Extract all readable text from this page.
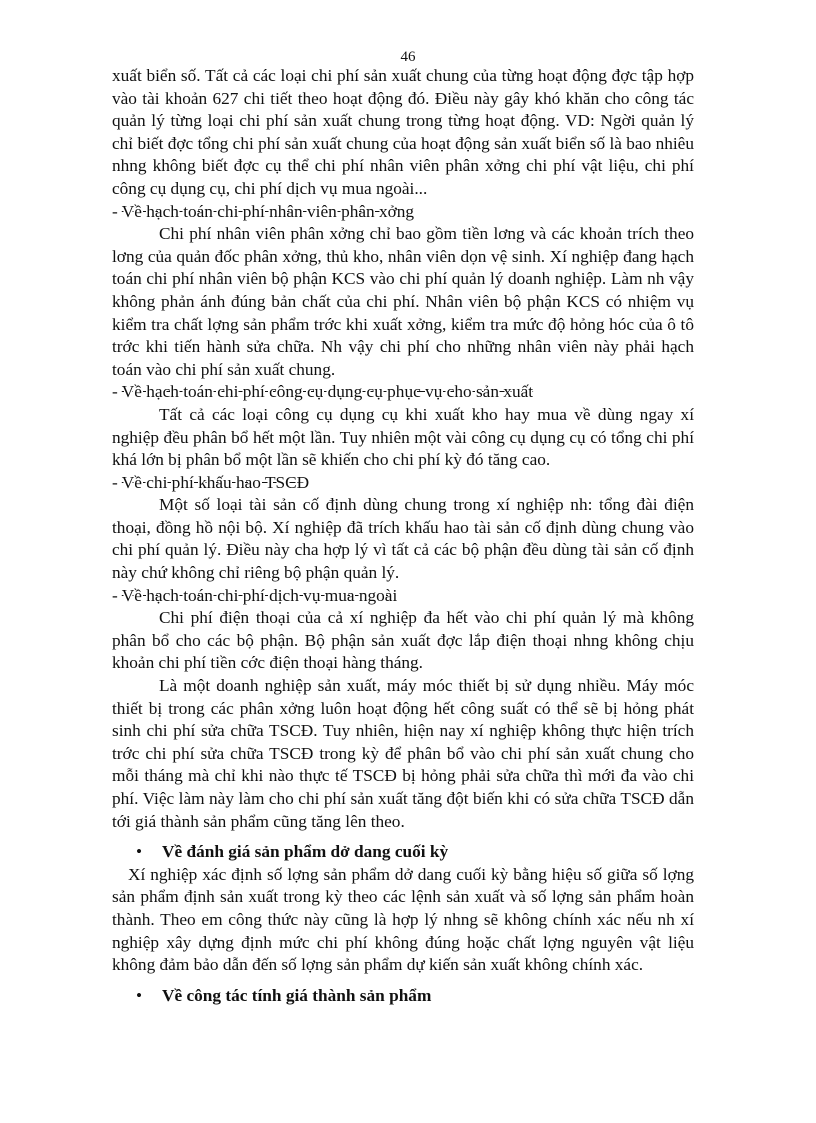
46

xuất biển số. Tất cả các loại chi phí sản xuất chung của từng hoạt động đợc tập hợp vào tài khoản 627 chi tiết theo hoạt động đó. Điều này gây khó khăn cho công tác quản lý từng loại chi phí sản xuất chung trong từng hoạt động. VD: Ngời quản lý chỉ biết đợc tổng chi phí sản xuất chung của hoạt động sản xuất biển số là bao nhiêu nhng không biết đợc cụ thể chi phí nhân viên phân xởng chi phí vật liệu, chi phí công cụ dụng cụ, chi phí dịch vụ mua ngoài...

- Về hạch toán chi phí nhân viên phân xởng

Chi phí nhân viên phân xởng chỉ bao gồm tiền lơng và các khoản trích theo lơng của quản đốc phân xởng, thủ kho, nhân viên dọn vệ sinh. Xí nghiệp đang hạch toán chi phí nhân viên bộ phận KCS vào chi phí quản lý doanh nghiệp. Làm nh vậy không phản ánh đúng bản chất của chi phí. Nhân viên bộ phận KCS có nhiệm vụ kiểm tra chất lợng sản phẩm trớc khi xuất xởng, kiểm tra mức độ hỏng hóc của ô tô trớc khi tiến hành sửa chữa. Nh vậy chi phí cho những nhân viên này phải hạch toán vào chi phí sản xuất chung.

- Về hạch toán chi phí công cụ dụng cụ phục vụ cho sản xuất

Tất cả các loại công cụ dụng cụ khi xuất kho hay mua về dùng ngay xí nghiệp đều phân bổ hết một lần. Tuy nhiên một vài công cụ dụng cụ có tổng chi phí khá lớn bị phân bổ một lần sẽ khiến cho chi phí kỳ đó tăng cao.

- Về chi phí khấu hao TSCĐ

Một số loại tài sản cố định dùng chung trong xí nghiệp nh: tổng đài điện thoại, đồng hồ nội bộ. Xí nghiệp đã trích khấu hao tài sản cố định dùng chung vào chi phí quản lý. Điều này cha hợp lý vì tất cả các bộ phận đều dùng tài sản cố định này chứ không chỉ riêng bộ phận quản lý.

- Về hạch toán chi phí dịch vụ mua ngoài

Chi phí điện thoại của cả xí nghiệp đa hết vào chi phí quản lý mà không phân bổ cho các bộ phận. Bộ phận sản xuất đợc lắp điện thoại nhng không chịu khoản chi phí tiền cớc điện thoại hàng tháng.

Là một doanh nghiệp sản xuất, máy móc thiết bị sử dụng nhiều. Máy móc thiết bị trong các phân xởng luôn hoạt động hết công suất có thể sẽ bị hỏng phát sinh chi phí sửa chữa TSCĐ. Tuy nhiên, hiện nay xí nghiệp không thực hiện trích trớc chi phí sửa chữa TSCĐ trong kỳ để phân bổ vào chi phí sản xuất chung cho mỗi tháng mà chỉ khi nào thực tế TSCĐ bị hỏng phải sửa chữa thì mới đa vào chi phí. Việc làm này làm cho chi phí sản xuất tăng đột biến khi có sửa chữa TSCĐ dẫn tới giá thành sản phẩm cũng tăng lên theo.

• Về đánh giá sản phẩm dở dang cuối kỳ

Xí nghiệp xác định số lợng sản phẩm dở dang cuối kỳ bằng hiệu số giữa số lợng sản phẩm định sản xuất trong kỳ theo các lệnh sản xuất và số lợng sản phẩm hoàn thành. Theo em công thức này cũng là hợp lý nhng sẽ không chính xác nếu nh xí nghiệp xây dựng định mức chi phí không đúng hoặc chất lợng nguyên vật liệu không đảm bảo dẫn đến số lợng sản phẩm dự kiến sản xuất không chính xác.

• Về công tác tính giá thành sản phẩm
